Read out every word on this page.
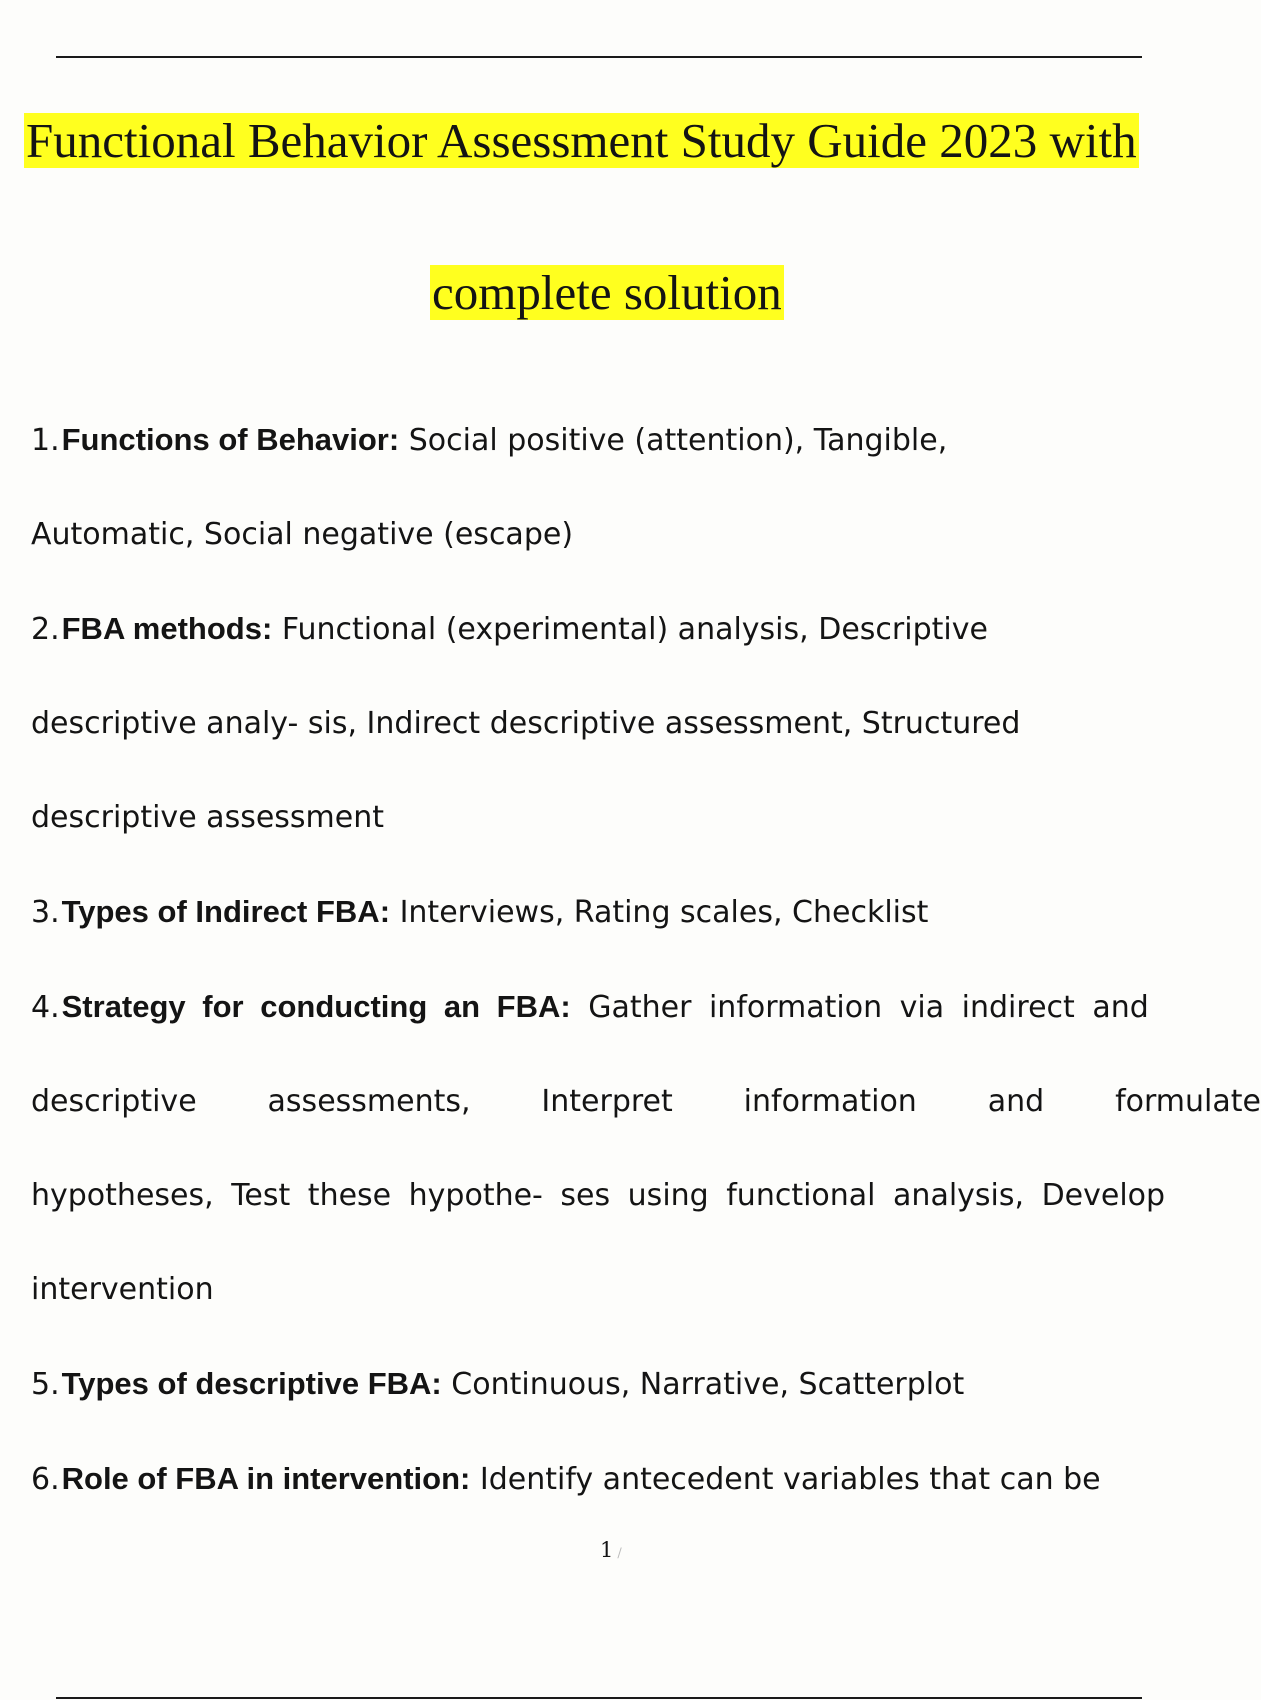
Functional Behavior Assessment Study Guide 2023 with
complete solution

1.Functions of Behavior: Social positive (attention), Tangible,

Automatic, Social negative (escape)

2.FBA methods: Functional (experimental) analysis, Descriptive

descriptive analy- sis, Indirect descriptive assessment, Structured

descriptive assessment

3.Types of Indirect FBA: Interviews, Rating scales, Checklist

4.Strategy for conducting an FBA: Gather information via indirect and

descriptive assessments, Interpret information and formulate

hypotheses, Test these hypothe- ses using functional analysis, Develop

intervention

5.Types of descriptive FBA: Continuous, Narrative, Scatterplot

6.Role of FBA in intervention: Identify antecedent variables that can be

1 /
